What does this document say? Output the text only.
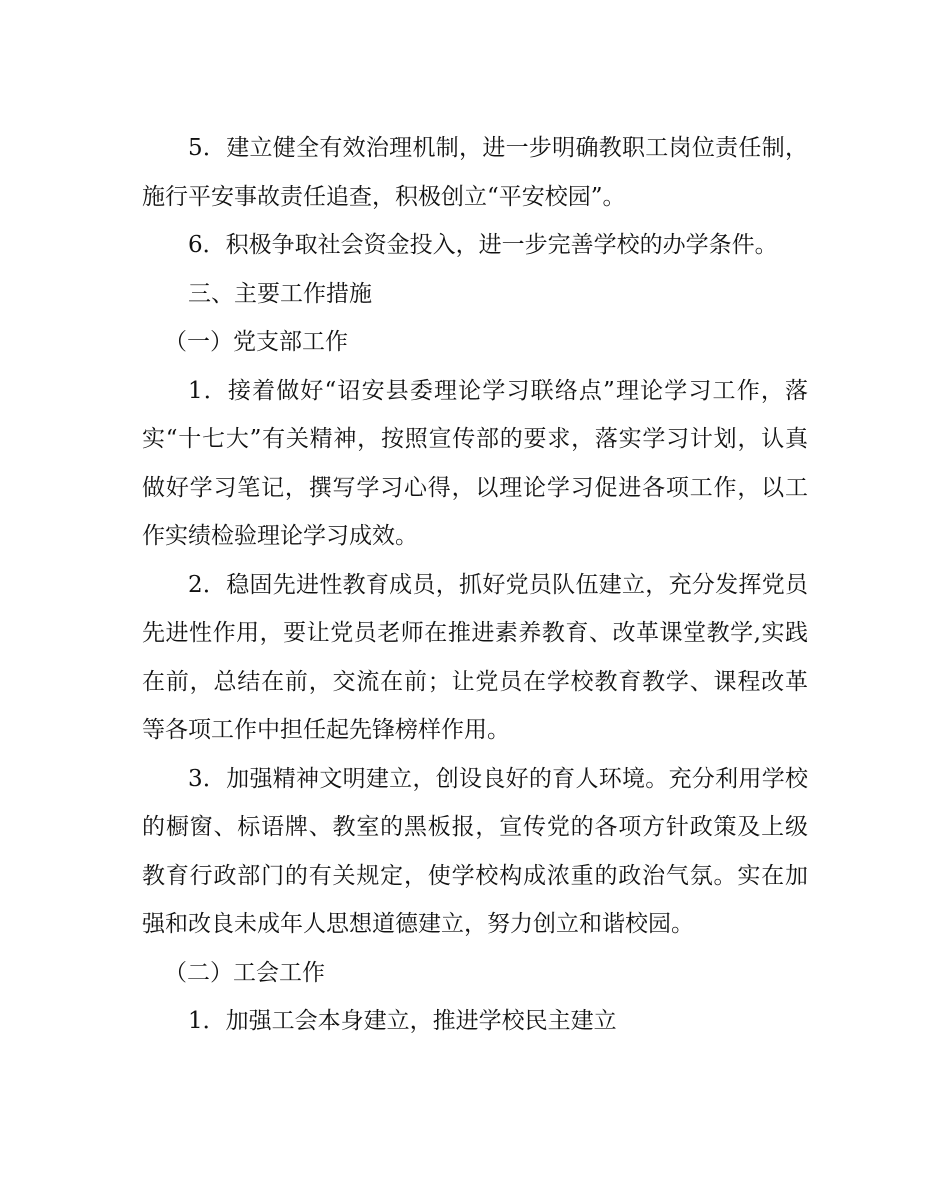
5．建立健全有效治理机制，进一步明确教职工岗位责任制，施行平安事故责任追查，积极创立“平安校园”。

6．积极争取社会资金投入，进一步完善学校的办学条件。

三、主要工作措施

（一）党支部工作

1．接着做好“诏安县委理论学习联络点”理论学习工作，落实“十七大”有关精神，按照宣传部的要求，落实学习计划，认真做好学习笔记，撰写学习心得，以理论学习促进各项工作，以工作实绩检验理论学习成效。

2．稳固先进性教育成员，抓好党员队伍建立，充分发挥党员先进性作用，要让党员老师在推进素养教育、改革课堂教学,实践在前，总结在前，交流在前；让党员在学校教育教学、课程改革等各项工作中担任起先锋榜样作用。

3．加强精神文明建立，创设良好的育人环境。充分利用学校的橱窗、标语牌、教室的黑板报，宣传党的各项方针政策及上级教育行政部门的有关规定，使学校构成浓重的政治气氛。实在加强和改良未成年人思想道德建立，努力创立和谐校园。

（二）工会工作

1．加强工会本身建立，推进学校民主建立
